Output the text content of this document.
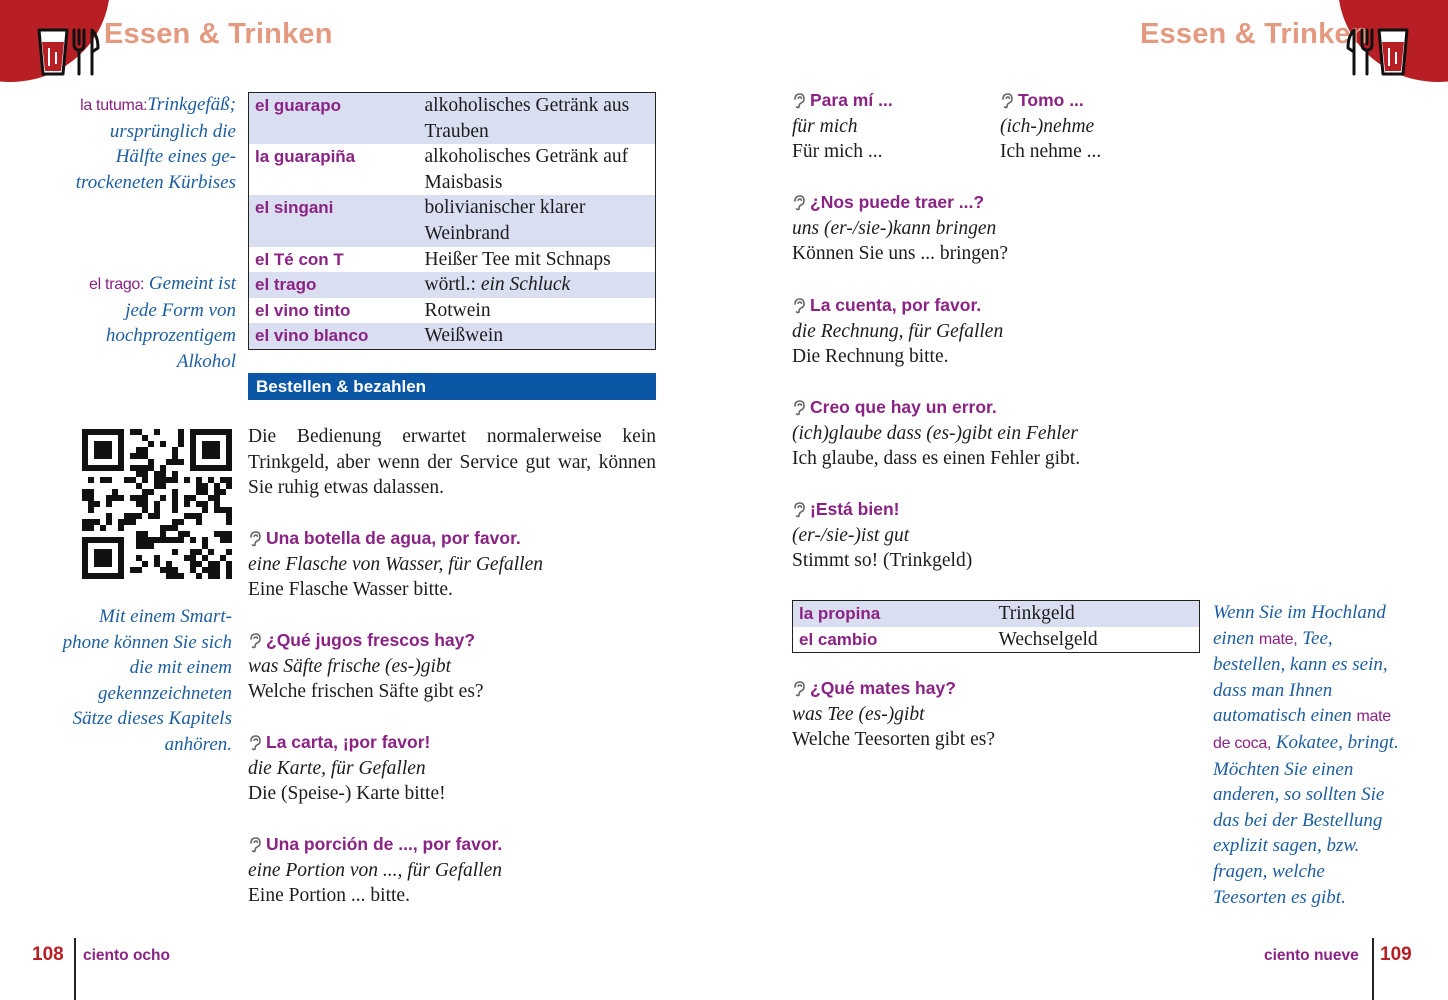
Essen & Trinken
la tutuma:Trinkgefäß; ursprünglich die Hälfte eines getrockeneten Kürbises
el trago: Gemeint ist jede Form von hochprozentigem Alkohol
Mit einem Smartphone können Sie sich die mit einem gekennzeichneten Sätze dieses Kapitels anhören.
el guarapo	alkoholisches Getränk aus Trauben
la guarapiña	alkoholisches Getränk auf Maisbasis
el singani	bolivianischer klarer Weinbrand
el Té con T	Heißer Tee mit Schnaps
el trago	wörtl.: ein Schluck
el vino tinto	Rotwein
el vino blanco	Weißwein
Bestellen & bezahlen
Die Bedienung erwartet normalerweise kein Trinkgeld, aber wenn der Service gut war, können Sie ruhig etwas dalassen.
Una botella de agua, por favor.
eine Flasche von Wasser, für Gefallen
Eine Flasche Wasser bitte.
¿Qué jugos frescos hay?
was Säfte frische (es-)gibt
Welche frischen Säfte gibt es?
La carta, ¡por favor!
die Karte, für Gefallen
Die (Speise-) Karte bitte!
Una porción de ..., por favor.
eine Portion von ..., für Gefallen
Eine Portion ... bitte.
108 ciento ocho
Essen & Trinken
Para mí ...
für mich
Für mich ...
Tomo ...
(ich-)nehme
Ich nehme ...
¿Nos puede traer ...?
uns (er-/sie-)kann bringen
Können Sie uns ... bringen?
La cuenta, por favor.
die Rechnung, für Gefallen
Die Rechnung bitte.
Creo que hay un error.
(ich)glaube dass (es-)gibt ein Fehler
Ich glaube, dass es einen Fehler gibt.
¡Está bien!
(er-/sie-)ist gut
Stimmt so! (Trinkgeld)
la propina	Trinkgeld
el cambio	Wechselgeld
¿Qué mates hay?
was Tee (es-)gibt
Welche Teesorten gibt es?
Wenn Sie im Hochland einen mate, Tee, bestellen, kann es sein, dass man Ihnen automatisch einen mate de coca, Kokatee, bringt. Möchten Sie einen anderen, so sollten Sie das bei der Bestellung explizit sagen, bzw. fragen, welche Teesorten es gibt.
ciento nueve 109
